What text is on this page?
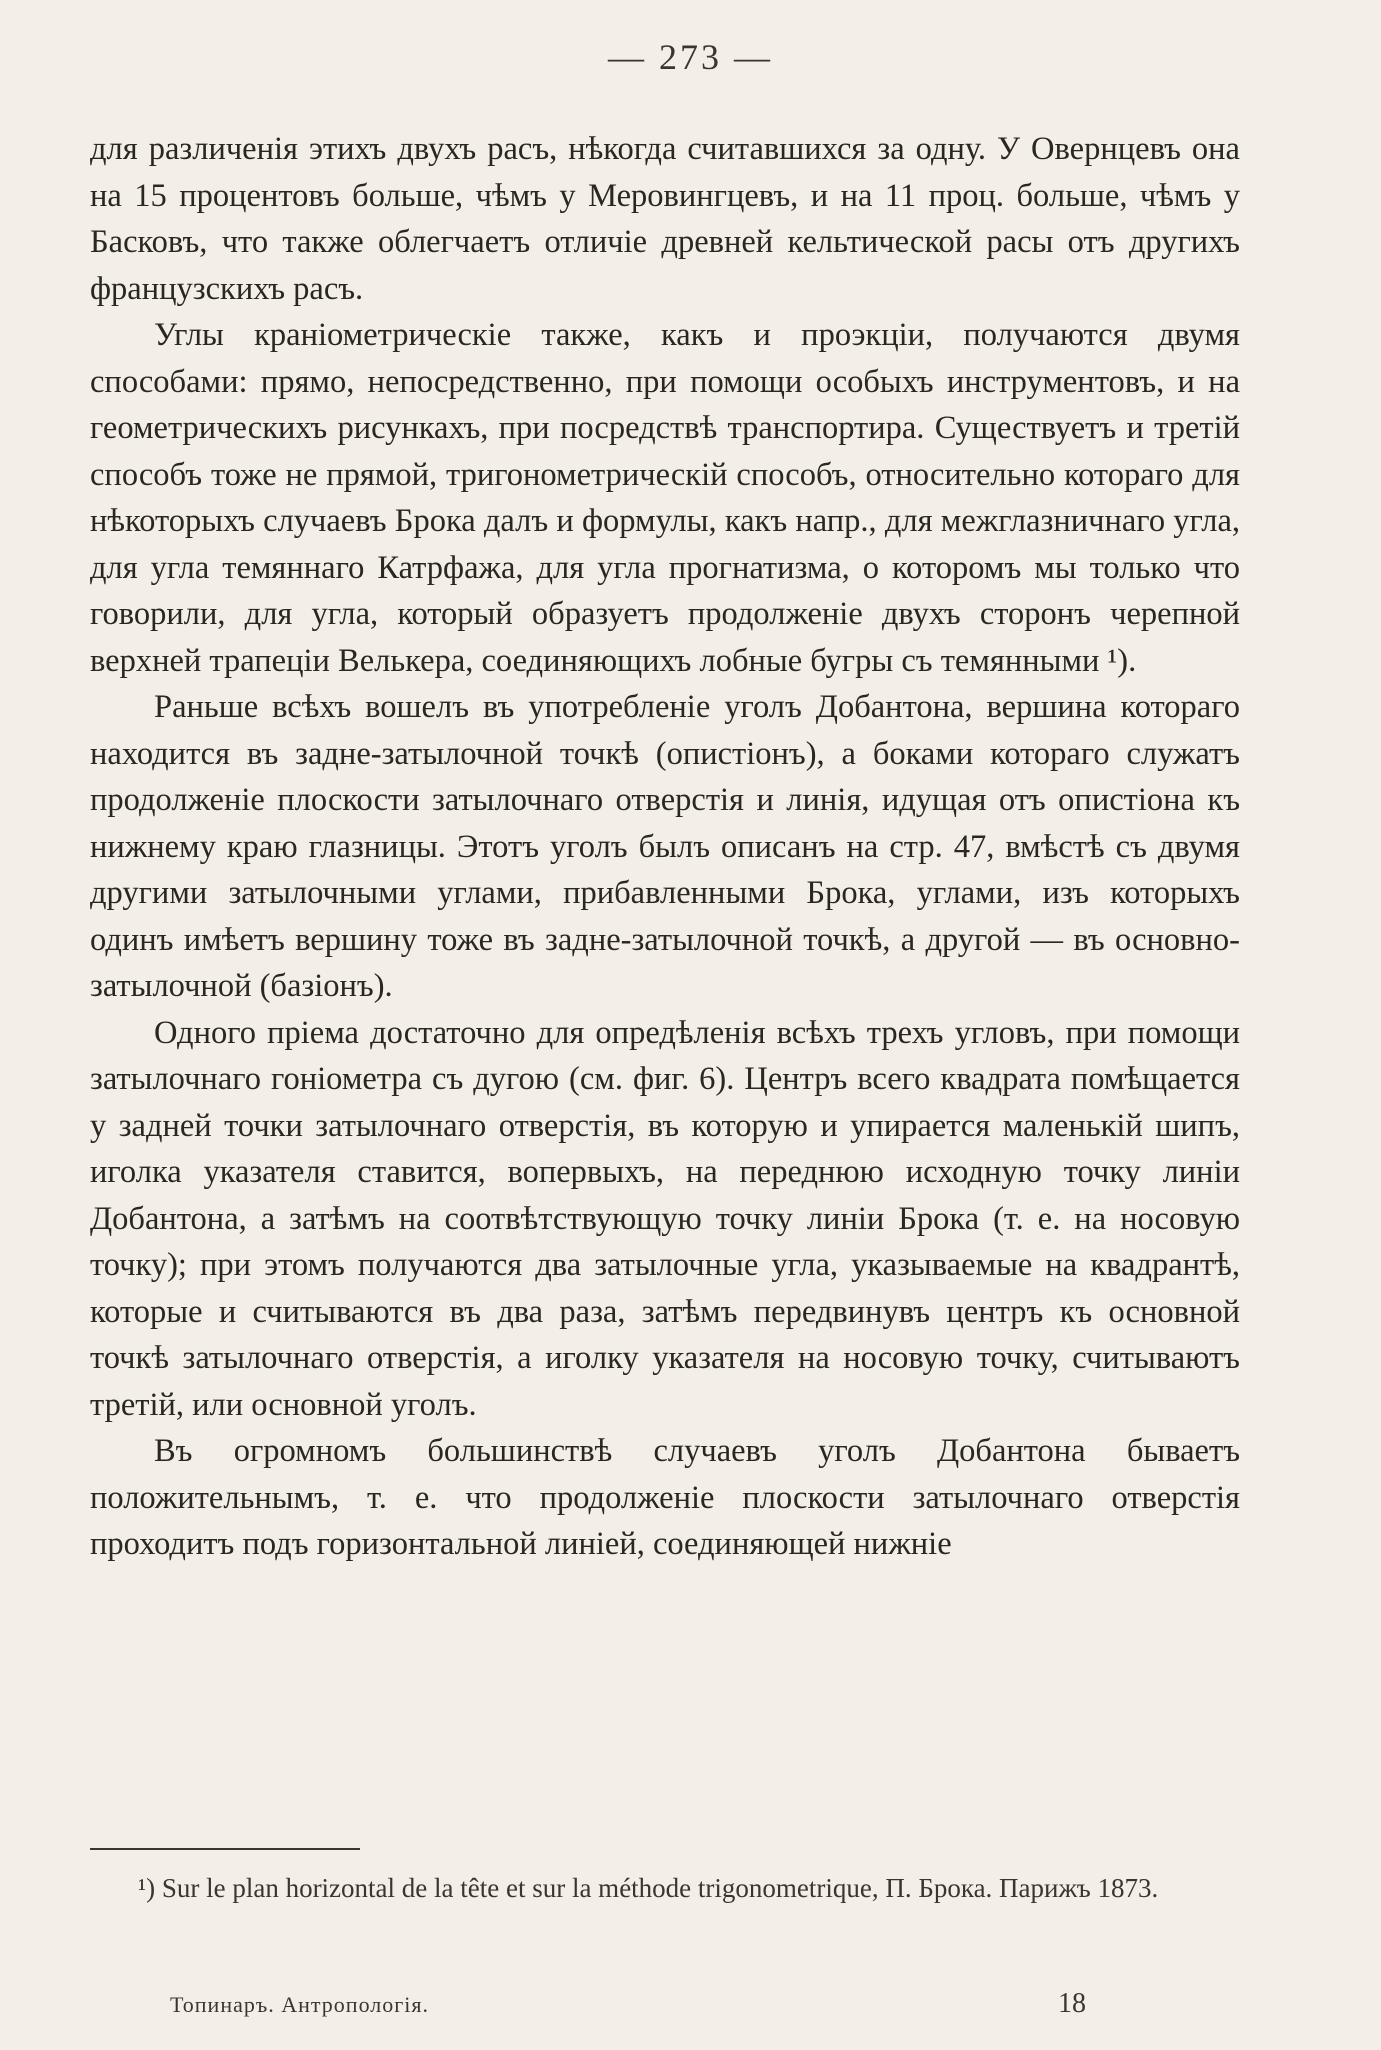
— 273 —

для различенія этихъ двухъ расъ, нѣкогда считавшихся за одну. У Овернцевъ она на 15 процентовъ больше, чѣмъ у Меровингцевъ, и на 11 проц. больше, чѣмъ у Басковъ, что также облегчаетъ отличіе древней кельтической расы отъ другихъ французскихъ расъ.

Углы краніометрическіе также, какъ и проэкціи, получаются двумя способами: прямо, непосредственно, при помощи особыхъ инструментовъ, и на геометрическихъ рисункахъ, при посредствѣ транспортира. Существуетъ и третій способъ тоже не прямой, тригонометрическій способъ, относительно котораго для нѣкоторыхъ случаевъ Брока далъ и формулы, какъ напр., для межглазничнаго угла, для угла темяннаго Катрфажа, для угла прогнатизма, о которомъ мы только что говорили, для угла, который образуетъ продолженіе двухъ сторонъ черепной верхней трапеціи Велькера, соединяющихъ лобные бугры съ темянными ¹).

Раньше всѣхъ вошелъ въ употребленіе уголъ Добантона, вершина котораго находится въ задне-затылочной точкѣ (опистіонъ), а боками котораго служатъ продолженіе плоскости затылочнаго отверстія и линія, идущая отъ опистіона къ нижнему краю глазницы. Этотъ уголъ былъ описанъ на стр. 47, вмѣстѣ съ двумя другими затылочными углами, прибавленными Брока, углами, изъ которыхъ одинъ имѣетъ вершину тоже въ задне-затылочной точкѣ, а другой — въ основно-затылочной (базіонъ).

Одного пріема достаточно для опредѣленія всѣхъ трехъ угловъ, при помощи затылочнаго гоніометра съ дугою (см. фиг. 6). Центръ всего квадрата помѣщается у задней точки затылочнаго отверстія, въ которую и упирается маленькій шипъ, иголка указателя ставится, вопервыхъ, на переднюю исходную точку линіи Добантона, а затѣмъ на соотвѣтствующую точку линіи Брока (т. е. на носовую точку); при этомъ получаются два затылочные угла, указываемые на квадрантѣ, которые и считываются въ два раза, затѣмъ передвинувъ центръ къ основной точкѣ затылочнаго отверстія, а иголку указателя на носовую точку, считываютъ третій, или основной уголъ.

Въ огромномъ большинствѣ случаевъ уголъ Добантона бываетъ положительнымъ, т. е. что продолженіе плоскости затылочнаго отверстія проходитъ подъ горизонтальной линіей, соединяющей нижніе

¹) Sur le plan horizontal de la tête et sur la méthode trigonometrique, П. Брока. Парижъ 1873.
Топинаръ. Антропологія.	18
